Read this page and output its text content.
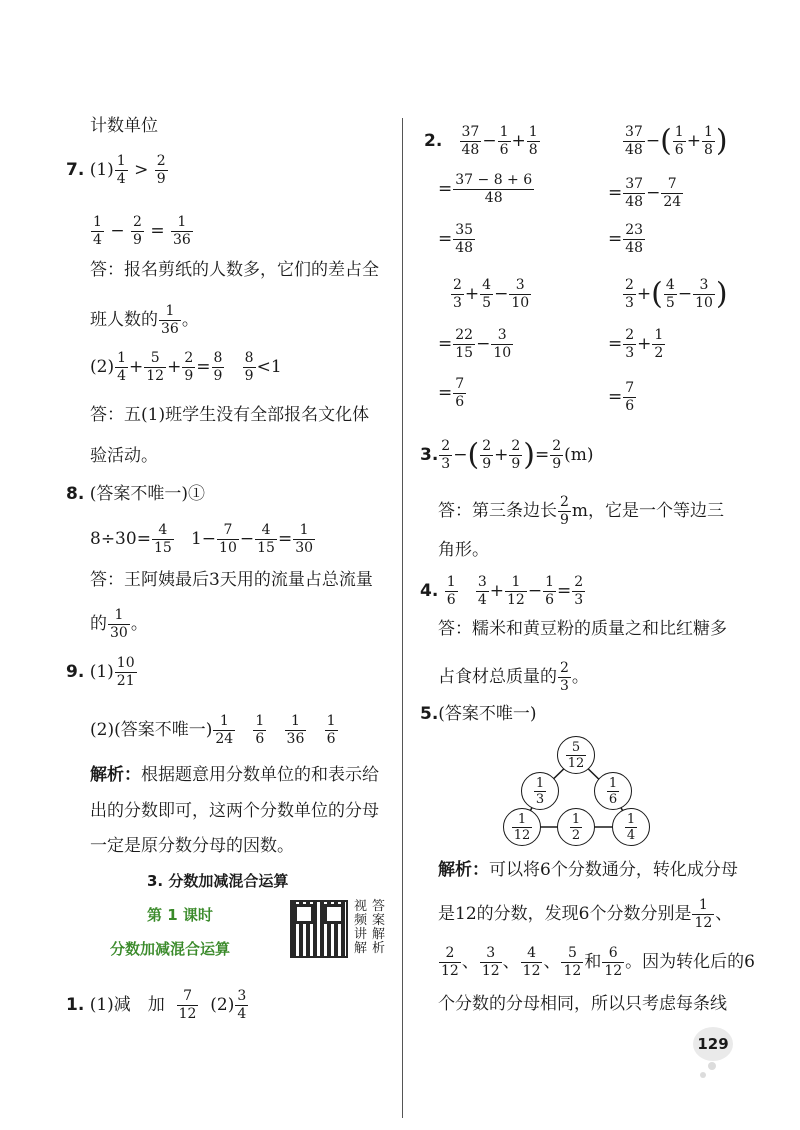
计数单位
7. $(1) \frac{1}{4} > \frac{2}{9}$
$\frac{1}{4} - \frac{2}{9} = \frac{1}{36}$
答：报名剪纸的人数多，它们的差占全
班人数的 $\frac{1}{36}$ 。
$(2) \frac{1}{4} + \frac{5}{12} + \frac{2}{9} = \frac{8}{9}$
$\frac{8}{9} <1$
答：五(1)班学生没有全部报名文化体
验活动。
8. (答案不唯一)①
$8\div 30= \frac{4}{15} 1- \frac{7}{10} - \frac{4}{15} = \frac{1}{30}$
答：王阿姨最后3天用的流量占总流量
的 $\frac{1}{30}$ 。
9. $(1) \frac{10}{21}$
(2)(答案不唯一) $\frac{1}{24}$
$\frac{1}{6}$
$\frac{1}{36}$
$\frac{1}{6}$
解析：根据题意用分数单位的和表示给
出的分数即可，这两个分数单位的分母
一定是原分数分母的因数。
3. 分数加减混合运算
第 1 课时
分数加减混合运算
视频讲解
答案解析
1. (1)减　加 $\frac{7}{12} (2) \frac{3}{4}$
2. $\frac{37}{48} - \frac{1}{6} + \frac{1}{8}$	$\frac{37}{48}$ −( $\frac{1}{6} + \frac{1}{8}$ )
= $\frac{37 - 8 + 6}{48}$	= $\frac{37}{48} - \frac{7}{24}$
= $\frac{35}{48}$	= $\frac{23}{48}$
$\frac{2}{3} + \frac{4}{5} - \frac{3}{10}$	$\frac{2}{3}$ +( $\frac{4}{5} - \frac{3}{10}$ )
= $\frac{22}{15} - \frac{3}{10}$	= $\frac{2}{3} + \frac{1}{2}$
= $\frac{7}{6}$	= $\frac{7}{6}$
3. $\frac{2}{3}$ −( $\frac{2}{9} + \frac{2}{9}$ )= $\frac{2}{9} (m)$
答：第三条边长 $\frac{2}{9}$ m，它是一个等边三
角形。
4. $\frac{1}{6}$
$\frac{3}{4} + \frac{1}{12} - \frac{1}{6} = \frac{2}{3}$
答：糯米和黄豆粉的质量之和比红糖多
占食材总质量的 $\frac{2}{3}$ 。
5.(答案不唯一)
$\frac{5}{12}$
$\frac{1}{3}$	$\frac{1}{6}$
$\frac{1}{12}$	$\frac{1}{2}$	$\frac{1}{4}$
解析：可以将6个分数通分，转化成分母
是12的分数，发现6个分数分别是 $\frac{1}{12}$ 、
$\frac{2}{12}$ 、 $\frac{3}{12}$ 、 $\frac{4}{12}$ 、 $\frac{5}{12}$ 和 $\frac{6}{12}$ 。因为转化后的6
个分数的分母相同，所以只考虑每条线
129
